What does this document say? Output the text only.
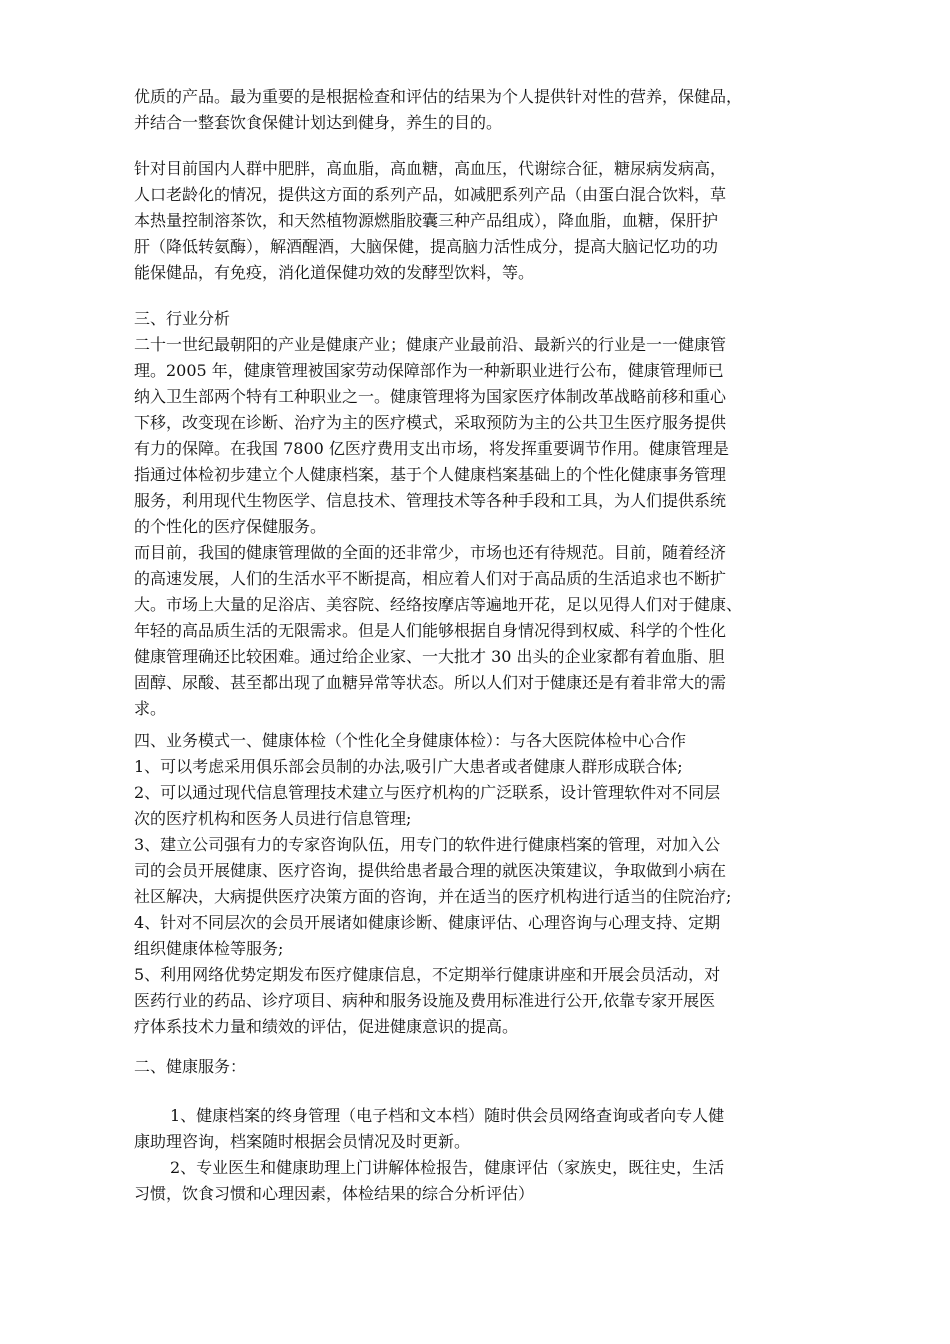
优质的产品。最为重要的是根据检查和评估的结果为个人提供针对性的营养，保健品，
并结合一整套饮食保健计划达到健身，养生的目的。
针对目前国内人群中肥胖，高血脂，高血糖，高血压，代谢综合征，糖尿病发病高，
人口老龄化的情况，提供这方面的系列产品，如减肥系列产品（由蛋白混合饮料，草
本热量控制溶茶饮，和天然植物源燃脂胶囊三种产品组成），降血脂，血糖，保肝护
肝（降低转氨酶），解酒醒酒，大脑保健，提高脑力活性成分，提高大脑记忆功的功
能保健品，有免疫，消化道保健功效的发酵型饮料，等。
三、行业分析
二十一世纪最朝阳的产业是健康产业；健康产业最前沿、最新兴的行业是一一健康管
理。2005 年，健康管理被国家劳动保障部作为一种新职业进行公布，健康管理师已
纳入卫生部两个特有工种职业之一。健康管理将为国家医疗体制改革战略前移和重心
下移，改变现在诊断、治疗为主的医疗模式，采取预防为主的公共卫生医疗服务提供
有力的保障。在我国 7800 亿医疗费用支出市场，将发挥重要调节作用。健康管理是
指通过体检初步建立个人健康档案，基于个人健康档案基础上的个性化健康事务管理
服务，利用现代生物医学、信息技术、管理技术等各种手段和工具，为人们提供系统
的个性化的医疗保健服务。
而目前，我国的健康管理做的全面的还非常少，市场也还有待规范。目前，随着经济
的高速发展，人们的生活水平不断提高，相应着人们对于高品质的生活追求也不断扩
大。市场上大量的足浴店、美容院、经络按摩店等遍地开花，足以见得人们对于健康、
年轻的高品质生活的无限需求。但是人们能够根据自身情况得到权威、科学的个性化
健康管理确还比较困难。通过给企业家、一大批才 30 出头的企业家都有着血脂、胆
固醇、尿酸、甚至都出现了血糖异常等状态。所以人们对于健康还是有着非常大的需
求。
四、业务模式一、健康体检（个性化全身健康体检）：与各大医院体检中心合作
1、可以考虑采用俱乐部会员制的办法,吸引广大患者或者健康人群形成联合体;
2、可以通过现代信息管理技术建立与医疗机构的广泛联系，设计管理软件对不同层
次的医疗机构和医务人员进行信息管理;
3、建立公司强有力的专家咨询队伍，用专门的软件进行健康档案的管理，对加入公
司的会员开展健康、医疗咨询，提供给患者最合理的就医决策建议，争取做到小病在
社区解决，大病提供医疗决策方面的咨询，并在适当的医疗机构进行适当的住院治疗;
4、针对不同层次的会员开展诸如健康诊断、健康评估、心理咨询与心理支持、定期
组织健康体检等服务;
5、利用网络优势定期发布医疗健康信息，不定期举行健康讲座和开展会员活动，对
医药行业的药品、诊疗项目、病种和服务设施及费用标准进行公开,依靠专家开展医
疗体系技术力量和绩效的评估，促进健康意识的提高。
二、健康服务：
1、健康档案的终身管理（电子档和文本档）随时供会员网络查询或者向专人健
康助理咨询，档案随时根据会员情况及时更新。
2、专业医生和健康助理上门讲解体检报告，健康评估（家族史，既往史，生活
习惯，饮食习惯和心理因素，体检结果的综合分析评估）
